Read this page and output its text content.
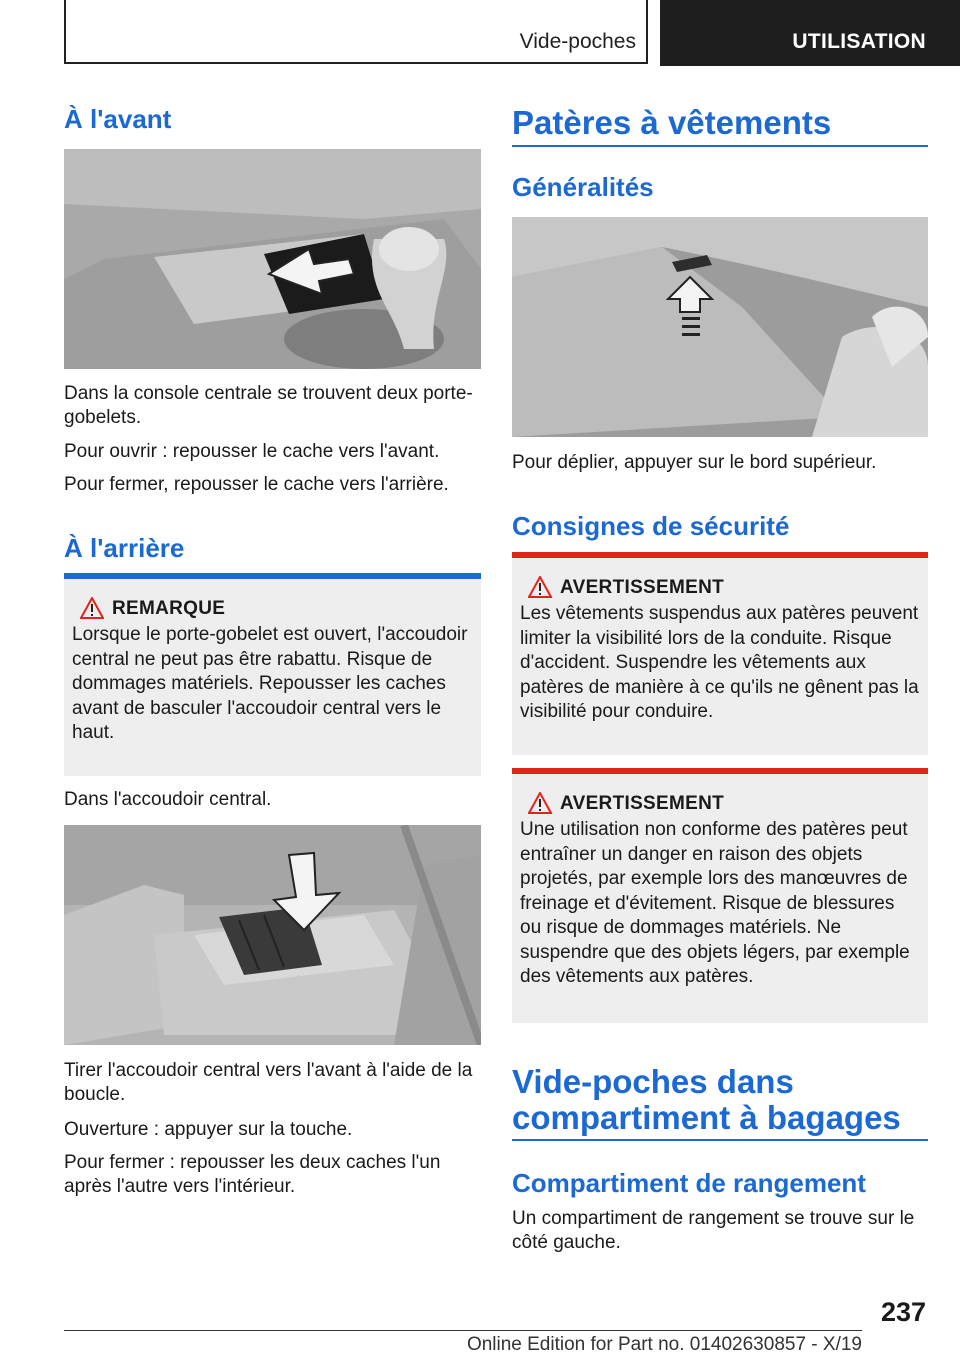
Vide-poches	UTILISATION
À l'avant

Dans la console centrale se trouvent deux porte-gobelets.

Pour ouvrir : repousser le cache vers l'avant.

Pour fermer, repousser le cache vers l'arrière.

À l'arrière
REMARQUE
Lorsque le porte-gobelet est ouvert, l'accoudoir central ne peut pas être rabattu. Risque de dommages matériels. Repousser les caches avant de basculer l'accoudoir central vers le haut.

Dans l'accoudoir central.

Tirer l'accoudoir central vers l'avant à l'aide de la boucle.

Ouverture : appuyer sur la touche.

Pour fermer : repousser les deux caches l'un après l'autre vers l'intérieur.

Patères à vêtements
Généralités

Pour déplier, appuyer sur le bord supérieur.

Consignes de sécurité
AVERTISSEMENT
Les vêtements suspendus aux patères peuvent limiter la visibilité lors de la conduite. Risque d'accident. Suspendre les vêtements aux patères de manière à ce qu'ils ne gênent pas la visibilité pour conduire.
AVERTISSEMENT
Une utilisation non conforme des patères peut entraîner un danger en raison des objets projetés, par exemple lors des manœuvres de freinage et d'évitement. Risque de blessures ou risque de dommages matériels. Ne suspendre que des objets légers, par exemple des vêtements aux patères.
Vide-poches dans
compartiment à bagages
Compartiment de rangement

Un compartiment de rangement se trouve sur le côté gauche.

237
Online Edition for Part no. 01402630857 - X/19
